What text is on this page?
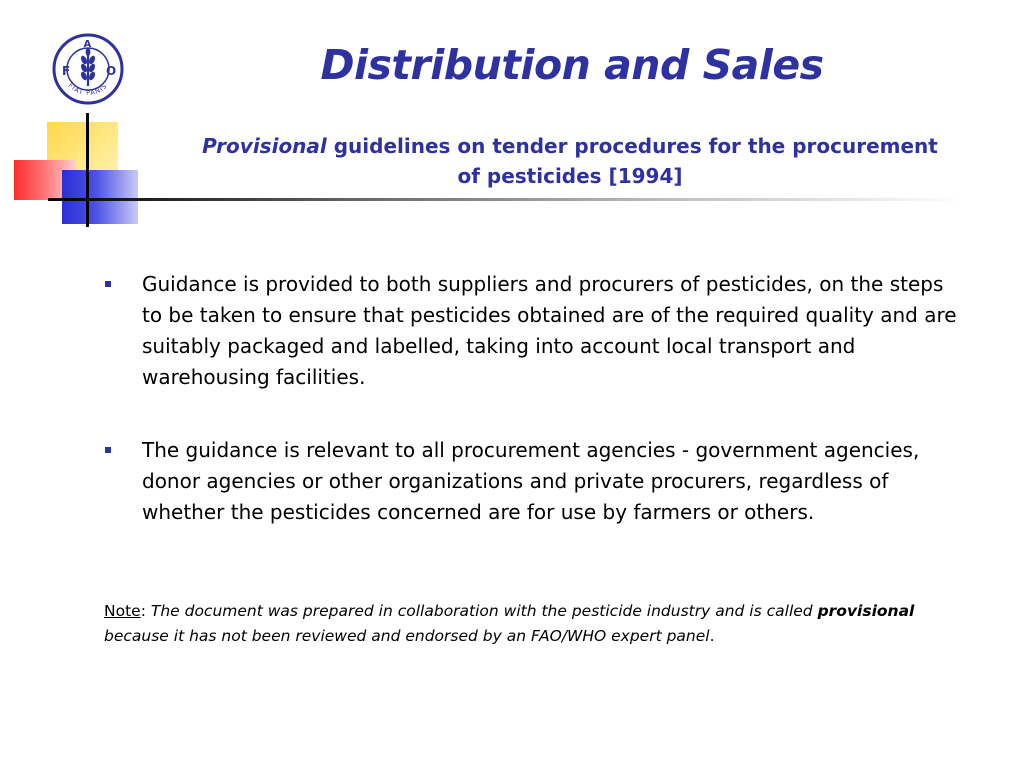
F
A
O
FIAT PANIS	Distribution and Sales

Provisional guidelines on tender procedures for the procurement of pesticides [1994]

Guidance is provided to both suppliers and procurers of pesticides, on the steps to be taken to ensure that pesticides obtained are of the required quality and are suitably packaged and labelled, taking into account local transport and warehousing facilities.
The guidance is relevant to all procurement agencies - government agencies, donor agencies or other organizations and private procurers, regardless of whether the pesticides concerned are for use by farmers or others.

Note: The document was prepared in collaboration with the pesticide industry and is called provisional because it has not been reviewed and endorsed by an FAO/WHO expert panel.
